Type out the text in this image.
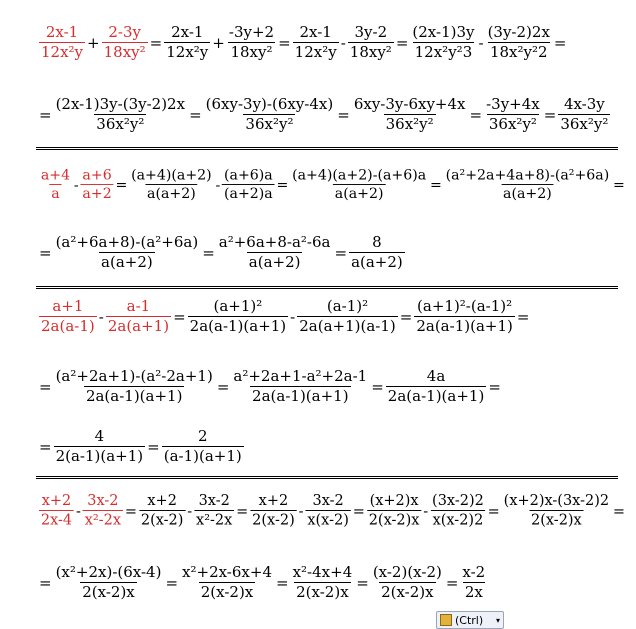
$\frac{2x-1}{\text{12x²y}} + \frac{2-3y}{\text{18xy²}} = \frac{2x-1}{\text{12x²y}} + \frac{-3y+2}{\text{18xy²}} = \frac{2x-1}{\text{12x²y}} - \frac{3y-2}{\text{18xy²}} = \frac{(2x-1)3y}{\text{12x²y²3}} - \frac{(3y-2)2x}{\text{18x²y²2}}$ =
= $\frac{(2x-1)3y-(3y-2)2x}{\text{36x²y²}} = \frac{(6xy-3y)-(6xy-4x)}{\text{36x²y²}} = \frac{6xy-3y-6xy+4x}{\text{36x²y²}} = \frac{-3y+4x}{\text{36x²y²}} = \frac{4x-3y}{\text{36x²y²}}$
$\frac{a+4}{a} - \frac{a+6}{a+2} = \frac{(a+4)(a+2)}{a(a+2)} - \frac{(a+6)a}{(a+2)a} = \frac{(a+4)(a+2)-(a+6)a}{a(a+2)} = \frac{\text{(a²+2a+4a+8)-(a²+6a)}}{a(a+2)}$ =
= $\frac{\text{(a²+6a+8)-(a²+6a)}}{a(a+2)} = \frac{\text{a²+6a+8-a²-6a}}{a(a+2)} = \frac{8}{a(a+2)}$
$\frac{a+1}{2a(a-1)} - \frac{a-1}{2a(a+1)} = \frac{\text{(a+1)²}}{2a(a-1)(a+1)} - \frac{\text{(a-1)²}}{2a(a+1)(a-1)} = \frac{\text{(a+1)²-(a-1)²}}{2a(a-1)(a+1)}$ =
= $\frac{\text{(a²+2a+1)-(a²-2a+1)}}{2a(a-1)(a+1)} = \frac{\text{a²+2a+1-a²+2a-1}}{2a(a-1)(a+1)} = \frac{4a}{2a(a-1)(a+1)}$ =
= $\frac{4}{2(a-1)(a+1)} = \frac{2}{(a-1)(a+1)}$
$\frac{x+2}{2x-4} - \frac{3x-2}{\text{x²-2x}} = \frac{x+2}{2(x-2)} - \frac{3x-2}{\text{x²-2x}} = \frac{x+2}{2(x-2)} - \frac{3x-2}{x(x-2)} = \frac{(x+2)x}{2(x-2)x} - \frac{(3x-2)2}{x(x-2)2} = \frac{(x+2)x-(3x-2)2}{2(x-2)x}$ =
= $\frac{\text{(x²+2x)-(6x-4)}}{2(x-2)x} = \frac{\text{x²+2x-6x+4}}{2(x-2)x} = \frac{\text{x²-4x+4}}{2(x-2)x} = \frac{(x-2)(x-2)}{2(x-2)x} = \frac{x-2}{2x}$
(Ctrl) ▾
